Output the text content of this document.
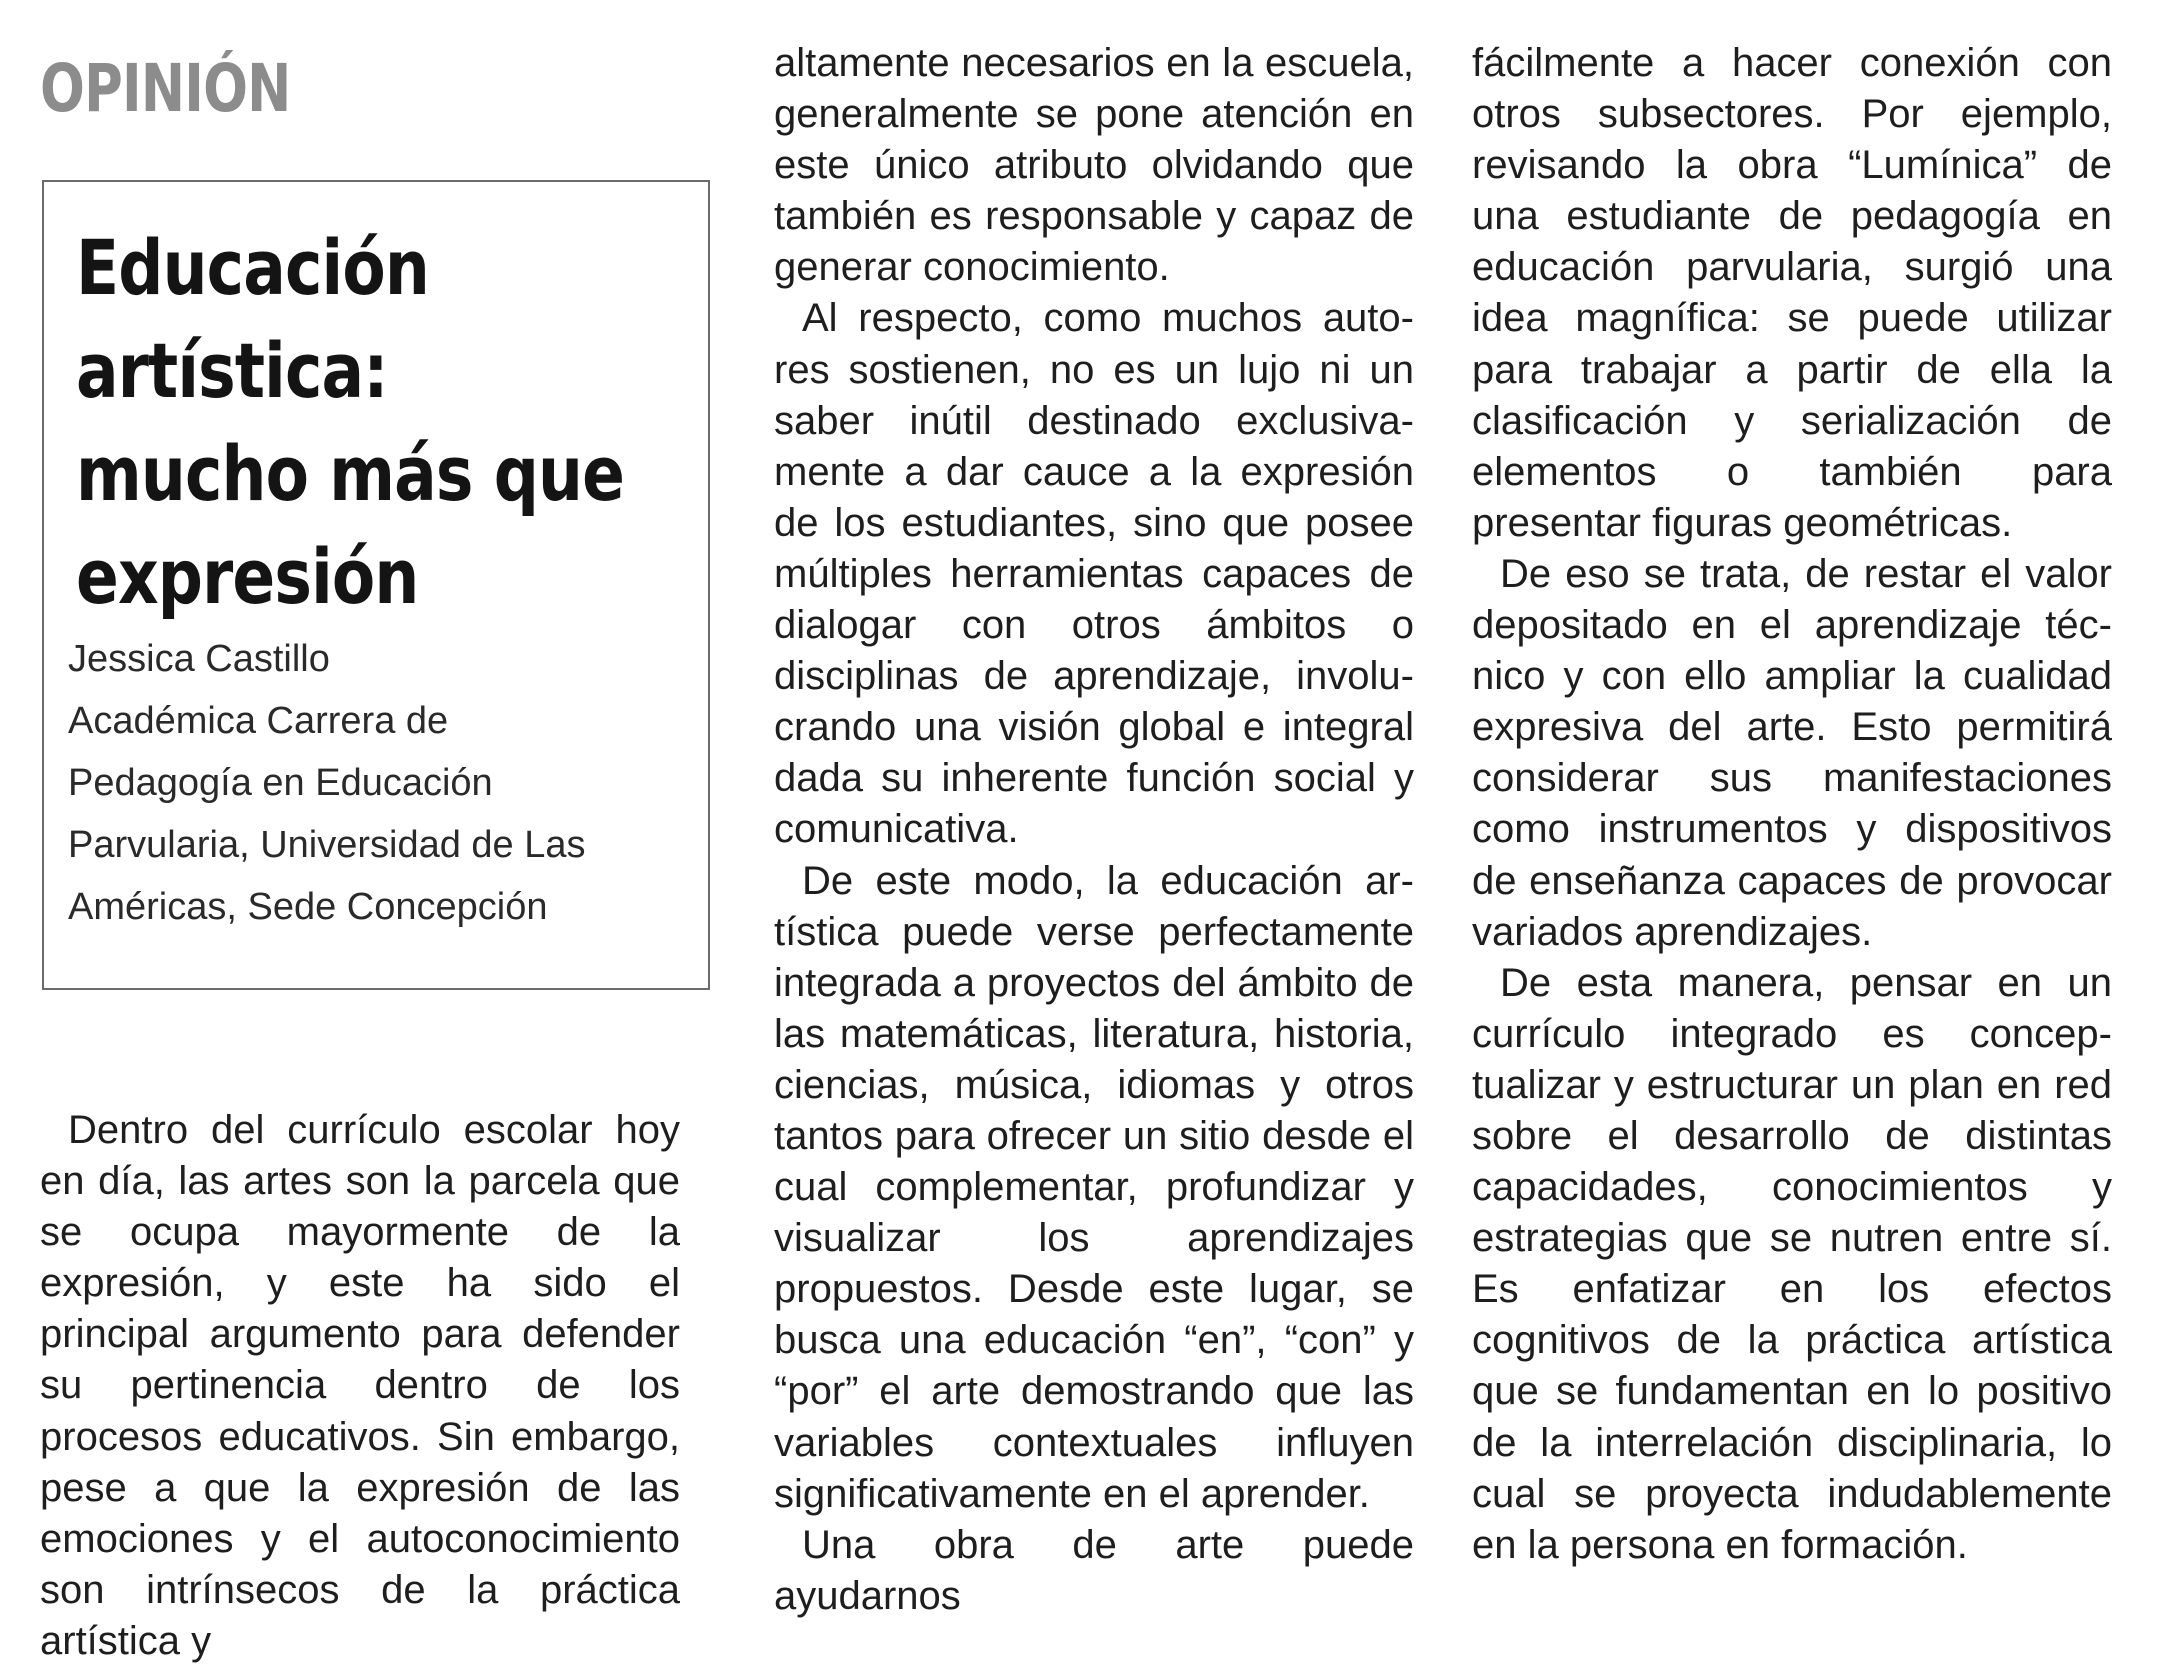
OPINIÓN
Educación
artística:
mucho más que
expresión
Jessica Castillo
Académica Carrera de
Pedagogía en Educación
Parvularia, Universidad de Las
Américas, Sede Concepción

Dentro del currículo escolar hoy en día, las artes son la parcela que se ocupa mayormente de la expresión, y este ha sido el principal argumento para defender su pertinencia dentro de los procesos educativos. Sin embargo, pese a que la expresión de las emociones y el autoconocimiento son intrínsecos de la práctica artística y

altamente necesarios en la escuela, generalmente se pone atención en este único atributo olvidando que también es responsable y capaz de generar conocimiento.

Al respecto, como muchos autores sostienen, no es un lujo ni un saber inútil destinado exclusivamente a dar cauce a la expresión de los estudiantes, sino que posee múltiples herramientas capaces de dialogar con otros ámbitos o disciplinas de aprendizaje, involucrando una visión global e integral dada su inherente función social y comunicativa.

De este modo, la educación artística puede verse perfectamente integrada a proyectos del ámbito de las matemáticas, literatura, historia, ciencias, música, idiomas y otros tantos para ofrecer un sitio desde el cual complementar, profundizar y visualizar los aprendizajes propuestos. Desde este lugar, se busca una educación “en”, “con” y “por” el arte demostrando que las variables contextuales influyen significativamente en el aprender.

Una obra de arte puede ayudarnos

fácilmente a hacer conexión con otros subsectores. Por ejemplo, revisando la obra “Lumínica” de una estudiante de pedagogía en educación parvularia, surgió una idea magnífica: se puede utilizar para trabajar a partir de ella la clasificación y serialización de elementos o también para presentar figuras geométricas.

De eso se trata, de restar el valor depositado en el aprendizaje técnico y con ello ampliar la cualidad expresiva del arte. Esto permitirá considerar sus manifestaciones como instrumentos y dispositivos de enseñanza capaces de provocar variados aprendizajes.

De esta manera, pensar en un currículo integrado es conceptualizar y estructurar un plan en red sobre el desarrollo de distintas capacidades, conocimientos y estrategias que se nutren entre sí. Es enfatizar en los efectos cognitivos de la práctica artística que se fundamentan en lo positivo de la interrelación disciplinaria, lo cual se proyecta indudablemente en la persona en formación.
